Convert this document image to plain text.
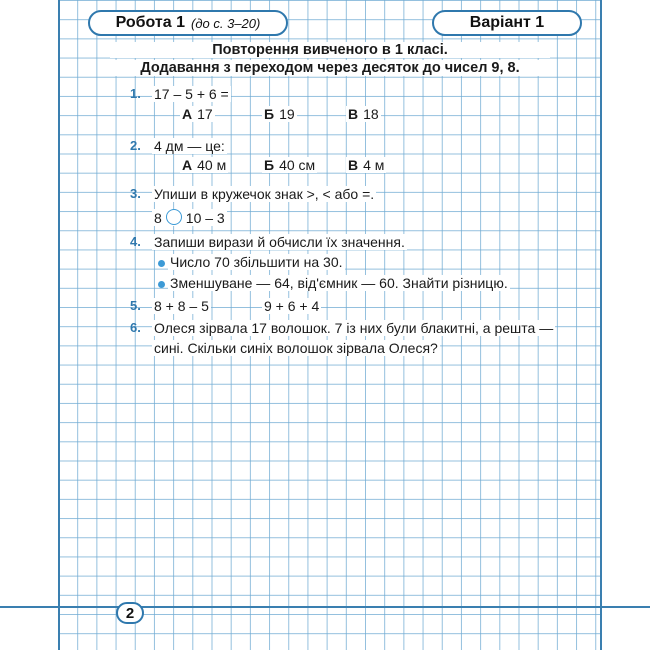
Робота 1 (до с. 3–20)	Варіант 1
Повторення вивченого в 1 класі.
Додавання з переходом через десяток до чисел 9, 8.
1. 17 – 5 + 6 =
А 17	Б 19	В 18
2. 4 дм — це:
А 40 м	Б 40 см В 4 м
3. Упиши в кружечок знак >, < або =.
8 10 – 3
4. Запиши вирази й обчисли їх значення.
Число 70 збільшити на 30.
Зменшуване — 64, від'ємник — 60. Знайти різницю.
5. 8 + 8 – 5	9 + 6 + 4
6. Олеся зірвала 17 волошок. 7 із них були блакитні, а решта —
сині. Скільки синіх волошок зірвала Олеся?
2
